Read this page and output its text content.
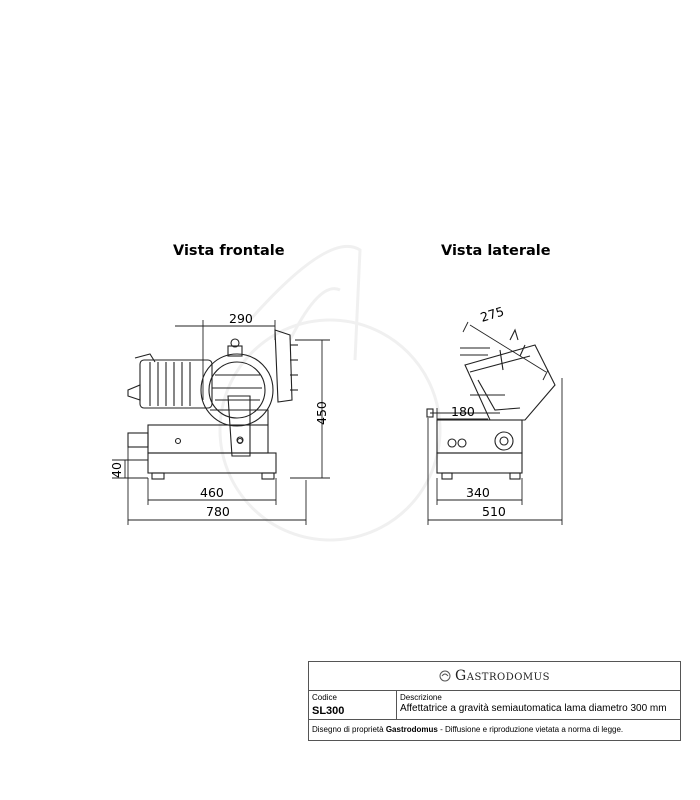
Vista frontale	Vista laterale
290
450
40
460
780
275
180
340
510
Gastrodomus
Codice
SL300
Descrizione
Affettatrice a gravità semiautomatica lama diametro 300 mm
Disegno di proprietà Gastrodomus - Diffusione e riproduzione vietata a norma di legge.
